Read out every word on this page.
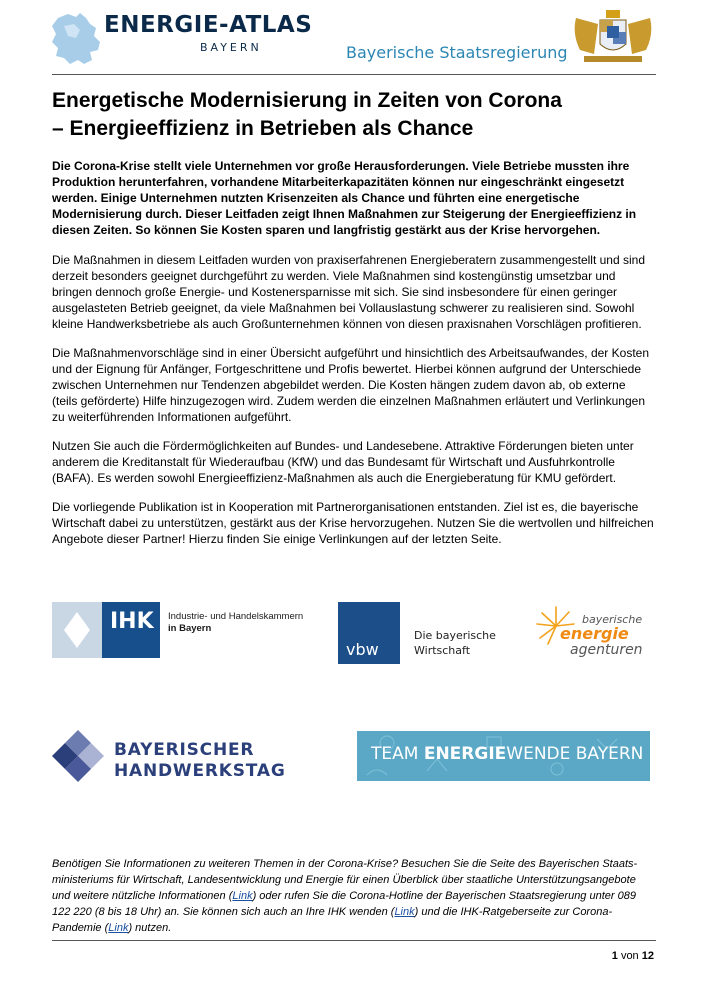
ENERGIE-ATLAS
BAYERN	Bayerische Staatsregierung
Energetische Modernisierung in Zeiten von Corona
– Energieeffizienz in Betrieben als Chance

Die Corona-Krise stellt viele Unternehmen vor große Herausforderungen. Viele Betriebe mussten ihre Produktion herunterfahren, vorhandene Mitarbeiterkapazitäten können nur eingeschränkt eingesetzt werden. Einige Unternehmen nutzten Krisenzeiten als Chance und führten eine energetische Modernisierung durch. Dieser Leitfaden zeigt Ihnen Maßnahmen zur Steigerung der Energieeffizienz in diesen Zeiten. So können Sie Kosten sparen und langfristig gestärkt aus der Krise hervorgehen.

Die Maßnahmen in diesem Leitfaden wurden von praxiserfahrenen Energieberatern zusammengestellt und sind derzeit besonders geeignet durchgeführt zu werden. Viele Maßnahmen sind kostengünstig umsetzbar und bringen dennoch große Energie- und Kostenersparnisse mit sich. Sie sind insbesondere für einen geringer ausgelasteten Betrieb geeignet, da viele Maßnahmen bei Vollauslastung schwerer zu realisieren sind. Sowohl kleine Handwerksbetriebe als auch Großunternehmen können von diesen praxisnahen Vorschlägen profitieren.

Die Maßnahmenvorschläge sind in einer Übersicht aufgeführt und hinsichtlich des Arbeitsaufwandes, der Kosten und der Eignung für Anfänger, Fortgeschrittene und Profis bewertet. Hierbei können aufgrund der Unterschiede zwischen Unternehmen nur Tendenzen abgebildet werden. Die Kosten hängen zudem davon ab, ob externe (teils geförderte) Hilfe hinzugezogen wird. Zudem werden die einzelnen Maßnahmen erläutert und Verlinkungen zu weiterführenden Informationen aufgeführt.

Nutzen Sie auch die Fördermöglichkeiten auf Bundes- und Landesebene. Attraktive Förderungen bieten unter anderem die Kreditanstalt für Wiederaufbau (KfW) und das Bundesamt für Wirtschaft und Ausfuhrkontrolle (BAFA). Es werden sowohl Energieeffizienz-Maßnahmen als auch die Energieberatung für KMU gefördert.

Die vorliegende Publikation ist in Kooperation mit Partnerorganisationen entstanden. Ziel ist es, die bayerische Wirtschaft dabei zu unterstützen, gestärkt aus der Krise hervorzugehen. Nutzen Sie die wertvollen und hilfreichen Angebote dieser Partner! Hierzu finden Sie einige Verlinkungen auf der letzten Seite.

IHK Industrie- und Handelskammern
in Bayern
vbw
Die bayerische
Wirtschaft
bayerische
energie
agenturen
BAYERISCHER
HANDWERKSTAG
TEAM ENERGIEWENDE BAYERN
Benötigen Sie Informationen zu weiteren Themen in der Corona-Krise? Besuchen Sie die Seite des Bayerischen Staats-ministeriums für Wirtschaft, Landesentwicklung und Energie für einen Überblick über staatliche Unterstützungsangebote und weitere nützliche Informationen (Link) oder rufen Sie die Corona-Hotline der Bayerischen Staatsregierung unter 089 122 220 (8 bis 18 Uhr) an. Sie können sich auch an Ihre IHK wenden (Link) und die IHK-Ratgeberseite zur Corona-Pandemie (Link) nutzen.
1 von 12
